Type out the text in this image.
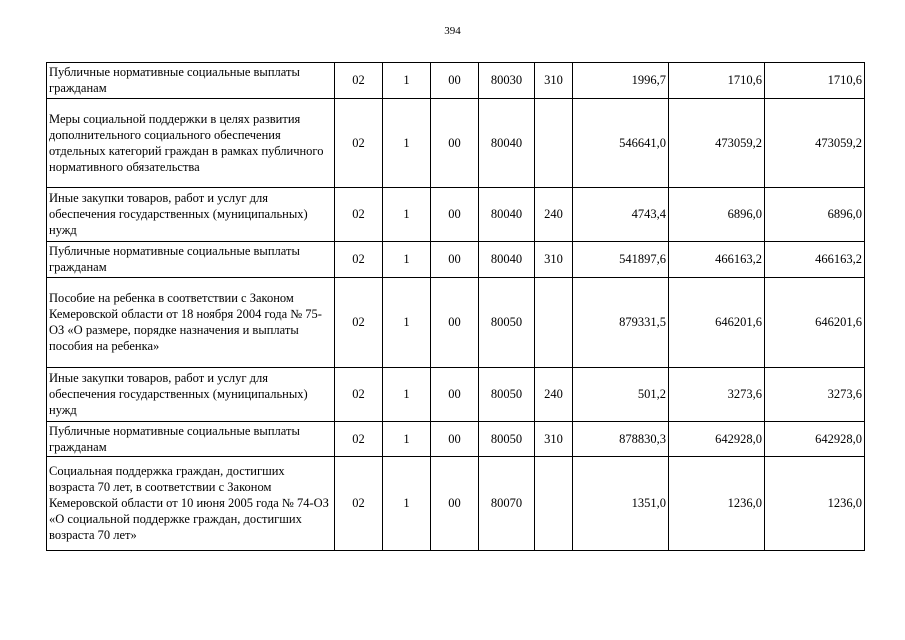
394
Публичные нормативные социальные выплаты гражданам	02	1	00	80030	310	1996,7	1710,6	1710,6
Меры социальной поддержки в целях развития дополнительного социального обеспечения отдельных категорий граждан в рамках публичного нормативного обязательства	02	1	00	80040		546641,0	473059,2	473059,2
Иные закупки товаров, работ и услуг для обеспечения государственных (муниципальных) нужд	02	1	00	80040	240	4743,4	6896,0	6896,0
Публичные нормативные социальные выплаты гражданам	02	1	00	80040	310	541897,6	466163,2	466163,2
Пособие на ребенка в соответствии с Законом Кемеровской области от 18 ноября 2004 года № 75-ОЗ «О размере, порядке назначения и выплаты пособия на ребенка»	02	1	00	80050		879331,5	646201,6	646201,6
Иные закупки товаров, работ и услуг для обеспечения государственных (муниципальных) нужд	02	1	00	80050	240	501,2	3273,6	3273,6
Публичные нормативные социальные выплаты гражданам	02	1	00	80050	310	878830,3	642928,0	642928,0
Социальная поддержка граждан, достигших возраста 70 лет, в соответствии с Законом Кемеровской области от 10 июня 2005 года № 74-ОЗ «О социальной поддержке граждан, достигших возраста 70 лет»	02	1	00	80070		1351,0	1236,0	1236,0
